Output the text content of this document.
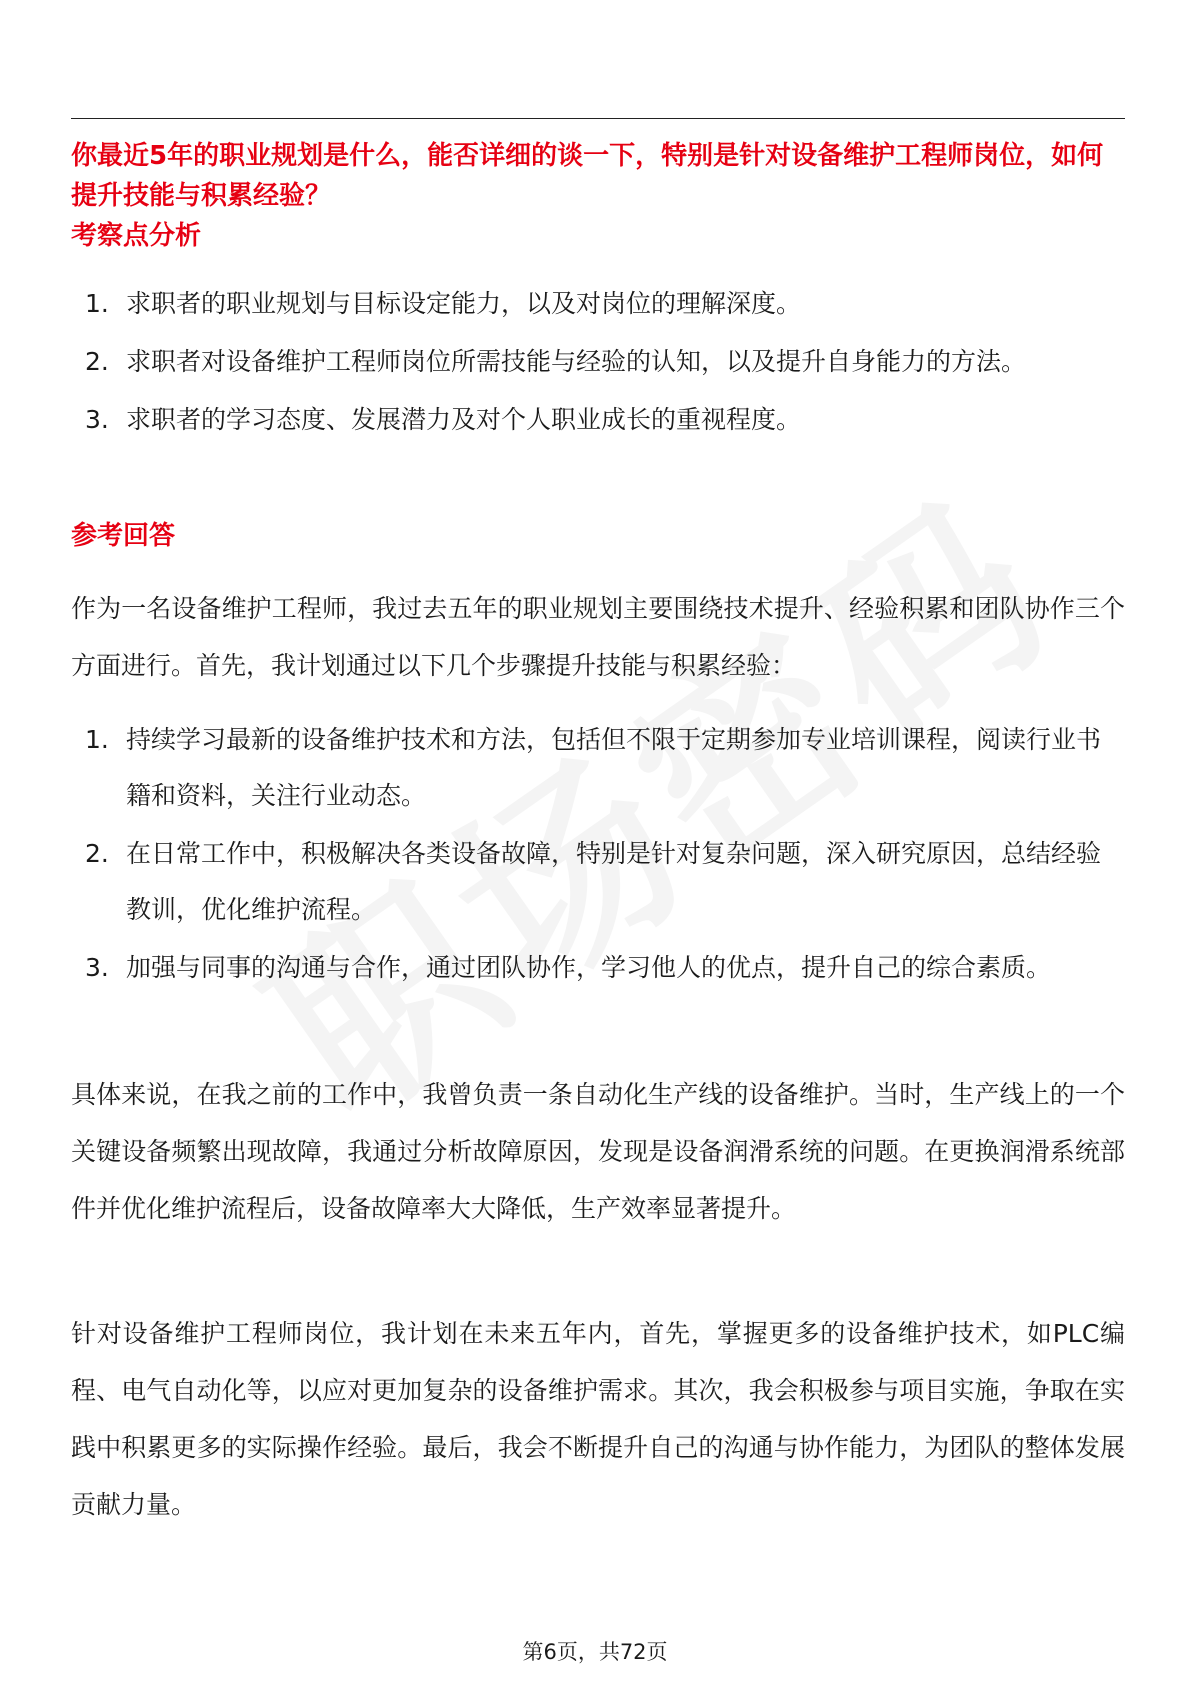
你最近5年的职业规划是什么，能否详细的谈一下，特别是针对设备维护工程师岗位，如何提升技能与积累经验？
考察点分析
1. 求职者的职业规划与目标设定能力，以及对岗位的理解深度。
2. 求职者对设备维护工程师岗位所需技能与经验的认知，以及提升自身能力的方法。
3. 求职者的学习态度、发展潜力及对个人职业成长的重视程度。
参考回答

作为一名设备维护工程师，我过去五年的职业规划主要围绕技术提升、经验积累和团队协作三个方面进行。首先，我计划通过以下几个步骤提升技能与积累经验：

1. 持续学习最新的设备维护技术和方法，包括但不限于定期参加专业培训课程，阅读行业书籍和资料，关注行业动态。
2. 在日常工作中，积极解决各类设备故障，特别是针对复杂问题，深入研究原因，总结经验教训，优化维护流程。
3. 加强与同事的沟通与合作，通过团队协作，学习他人的优点，提升自己的综合素质。

具体来说，在我之前的工作中，我曾负责一条自动化生产线的设备维护。当时，生产线上的一个关键设备频繁出现故障，我通过分析故障原因，发现是设备润滑系统的问题。在更换润滑系统部件并优化维护流程后，设备故障率大大降低，生产效率显著提升。

针对设备维护工程师岗位，我计划在未来五年内，首先，掌握更多的设备维护技术，如PLC编程、电气自动化等，以应对更加复杂的设备维护需求。其次，我会积极参与项目实施，争取在实践中积累更多的实际操作经验。最后，我会不断提升自己的沟通与协作能力，为团队的整体发展贡献力量。

第6页，共72页
